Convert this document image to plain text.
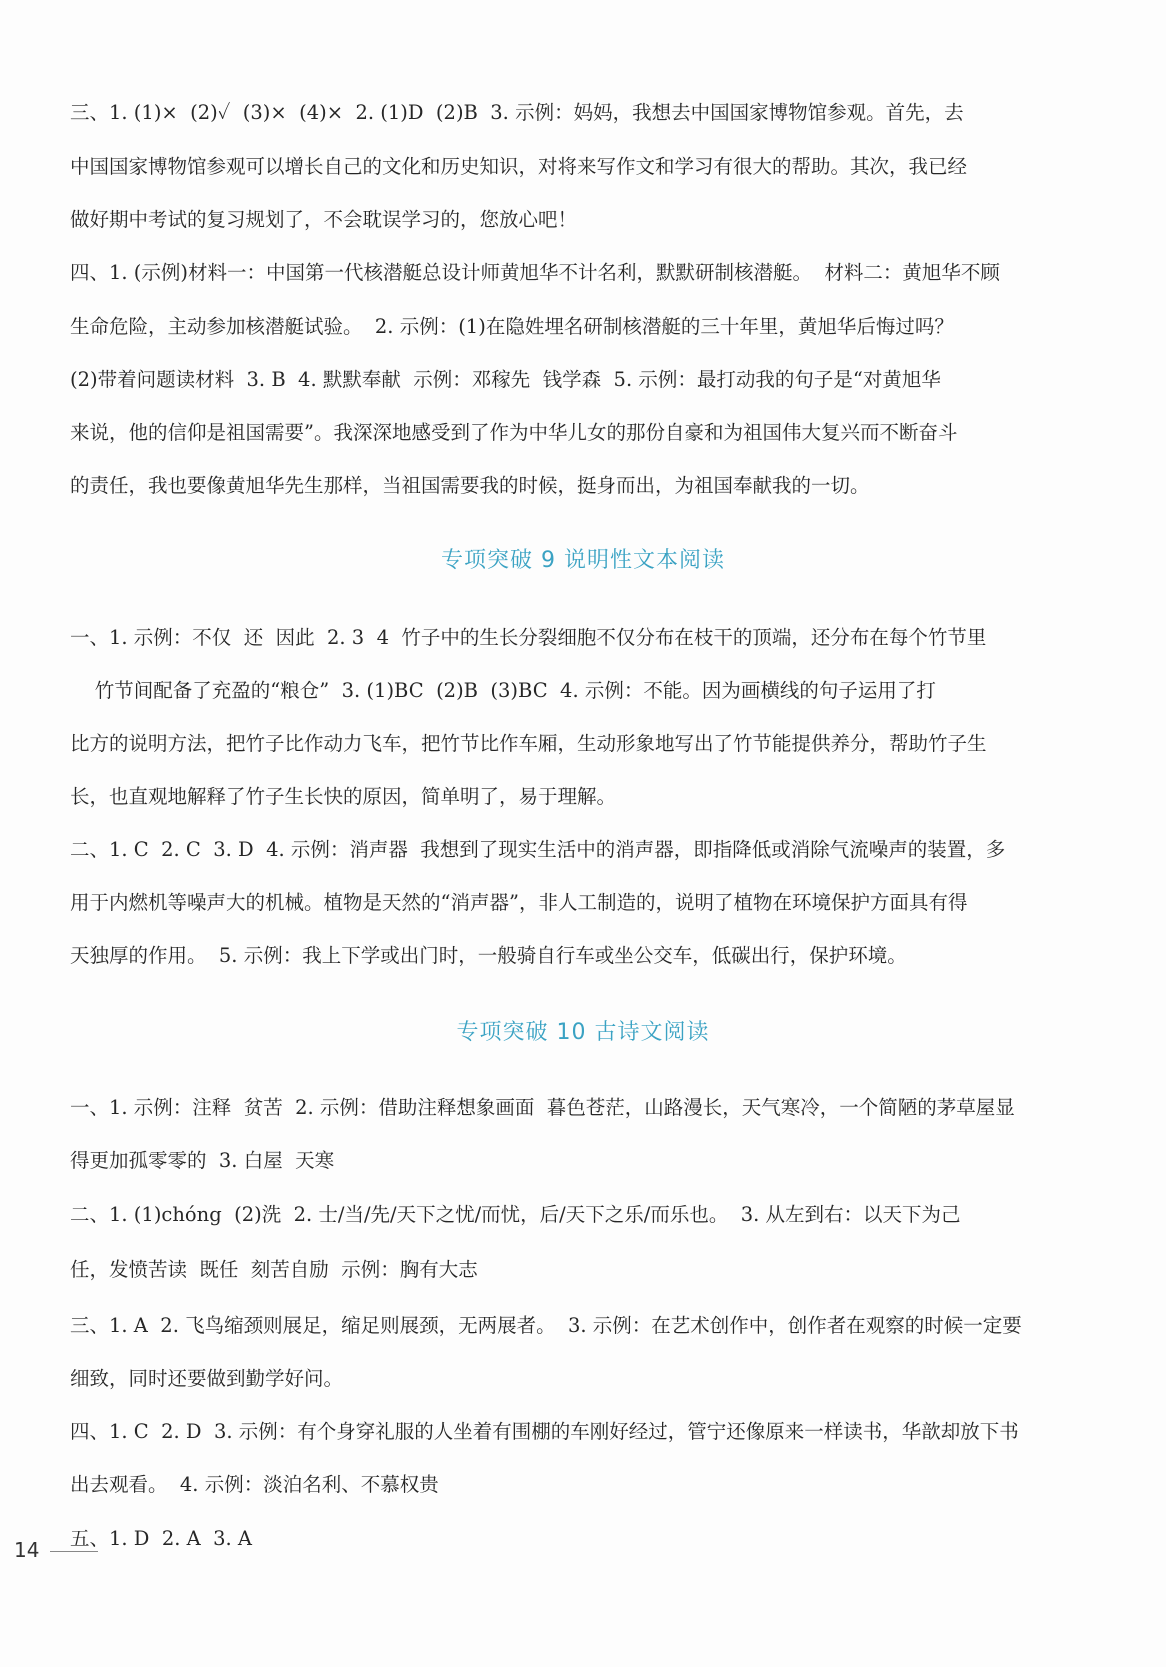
三、1. (1)×  (2)✓  (3)×  (4)×  2. (1)D  (2)B  3. 示例：妈妈，我想去中国国家博物馆参观。首先，去
中国国家博物馆参观可以增长自己的文化和历史知识，对将来写作文和学习有很大的帮助。其次，我已经
做好期中考试的复习规划了，不会耽误学习的，您放心吧！
四、1. (示例)材料一：中国第一代核潜艇总设计师黄旭华不计名利，默默研制核潜艇。  材料二：黄旭华不顾
生命危险，主动参加核潜艇试验。  2. 示例：(1)在隐姓埋名研制核潜艇的三十年里，黄旭华后悔过吗？
(2)带着问题读材料  3. B  4. 默默奉献  示例：邓稼先  钱学森  5. 示例：最打动我的句子是“对黄旭华
来说，他的信仰是祖国需要”。我深深地感受到了作为中华儿女的那份自豪和为祖国伟大复兴而不断奋斗
的责任，我也要像黄旭华先生那样，当祖国需要我的时候，挺身而出，为祖国奉献我的一切。
专项突破 9 说明性文本阅读
一、1. 示例：不仅  还  因此  2. 3  4  竹子中的生长分裂细胞不仅分布在枝干的顶端，还分布在每个竹节里
竹节间配备了充盈的“粮仓”  3. (1)BC  (2)B  (3)BC  4. 示例：不能。因为画横线的句子运用了打
比方的说明方法，把竹子比作动力飞车，把竹节比作车厢，生动形象地写出了竹节能提供养分，帮助竹子生
长，也直观地解释了竹子生长快的原因，简单明了，易于理解。
二、1. C  2. C  3. D  4. 示例：消声器  我想到了现实生活中的消声器，即指降低或消除气流噪声的装置，多
用于内燃机等噪声大的机械。植物是天然的“消声器”，非人工制造的，说明了植物在环境保护方面具有得
天独厚的作用。  5. 示例：我上下学或出门时，一般骑自行车或坐公交车，低碳出行，保护环境。
专项突破 10 古诗文阅读
一、1. 示例：注释  贫苦  2. 示例：借助注释想象画面  暮色苍茫，山路漫长，天气寒冷，一个简陋的茅草屋显
得更加孤零零的  3. 白屋  天寒
二、1. (1)chóng  (2)洗  2. 士/当/先/天下之忧/而忧，后/天下之乐/而乐也。  3. 从左到右：以天下为己
任，发愤苦读  既任  刻苦自励  示例：胸有大志
三、1. A  2. 飞鸟缩颈则展足，缩足则展颈，无两展者。  3. 示例：在艺术创作中，创作者在观察的时候一定要
细致，同时还要做到勤学好问。
四、1. C  2. D  3. 示例：有个身穿礼服的人坐着有围棚的车刚好经过，管宁还像原来一样读书，华歆却放下书
出去观看。  4. 示例：淡泊名利、不慕权贵
五、1. D  2. A  3. A
14
